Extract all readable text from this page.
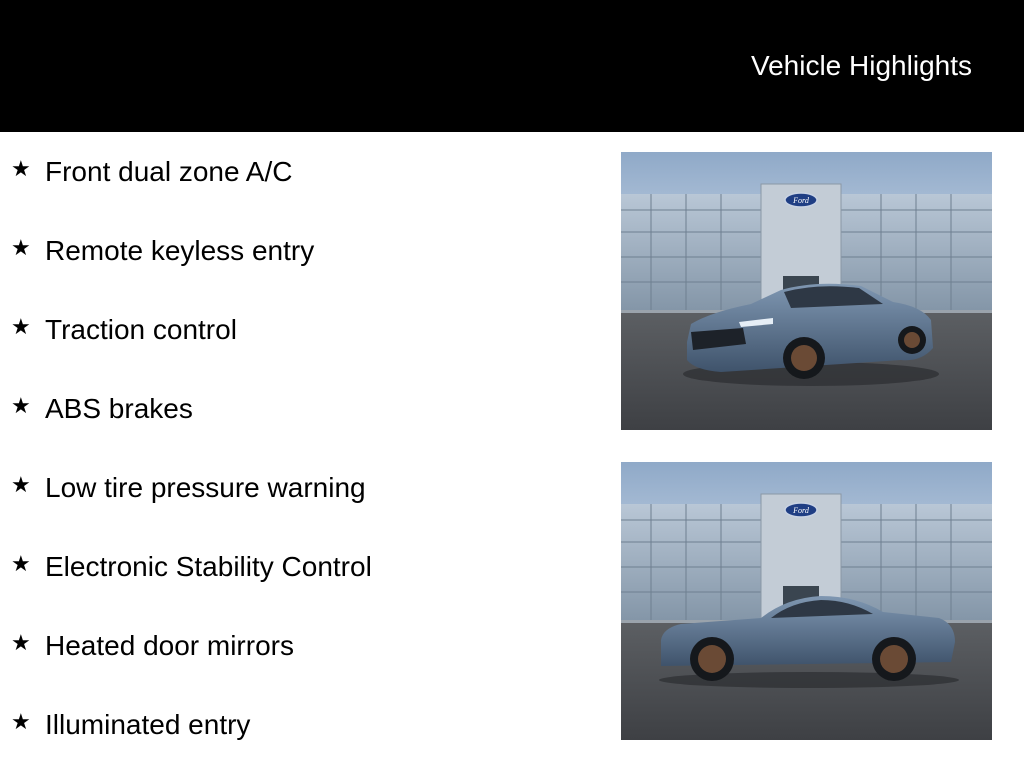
Vehicle Highlights
★ Front dual zone A/C
★ Remote keyless entry
★ Traction control
★ ABS brakes
★ Low tire pressure warning
★ Electronic Stability Control
★ Heated door mirrors
★ Illuminated entry
Ford
Ford
